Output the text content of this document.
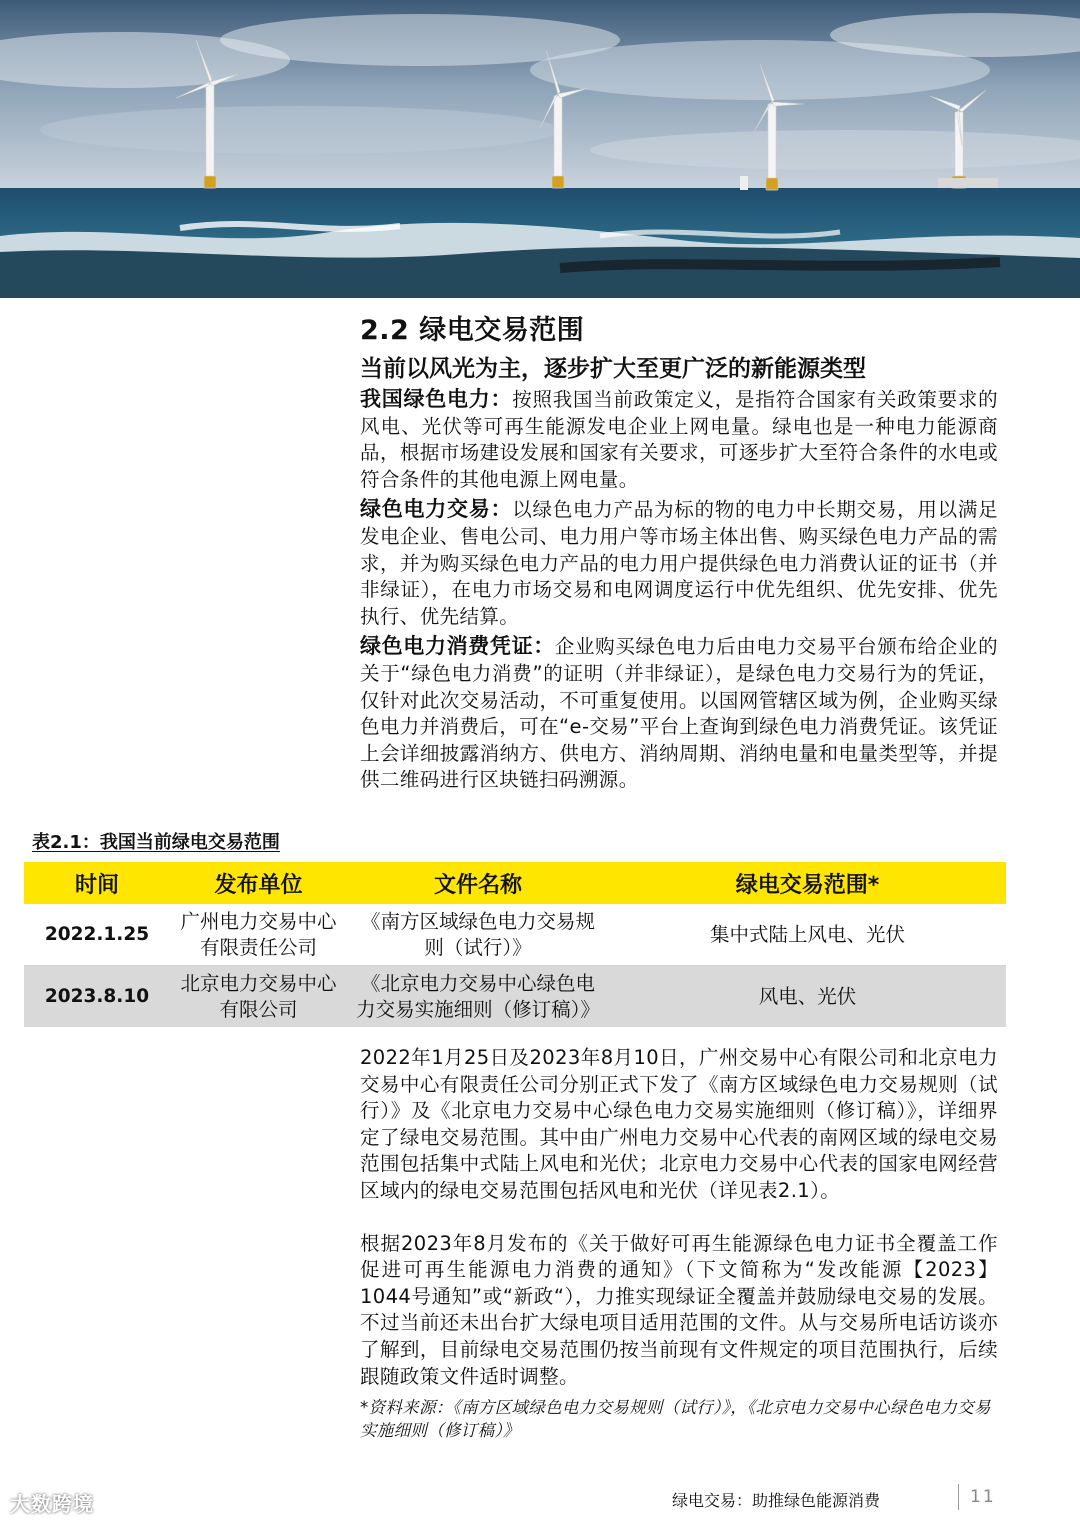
2.2 绿电交易范围
当前以风光为主，逐步扩大至更广泛的新能源类型

我国绿色电力：按照我国当前政策定义，是指符合国家有关政策要求的风电、光伏等可再生能源发电企业上网电量。绿电也是一种电力能源商品，根据市场建设发展和国家有关要求，可逐步扩大至符合条件的水电或符合条件的其他电源上网电量。

绿色电力交易：以绿色电力产品为标的物的电力中长期交易，用以满足发电企业、售电公司、电力用户等市场主体出售、购买绿色电力产品的需求，并为购买绿色电力产品的电力用户提供绿色电力消费认证的证书（并非绿证），在电力市场交易和电网调度运行中优先组织、优先安排、优先执行、优先结算。

绿色电力消费凭证：企业购买绿色电力后由电力交易平台颁布给企业的关于“绿色电力消费”的证明（并非绿证），是绿色电力交易行为的凭证，仅针对此次交易活动，不可重复使用。以国网管辖区域为例，企业购买绿色电力并消费后，可在“e-交易”平台上查询到绿色电力消费凭证。该凭证上会详细披露消纳方、供电方、消纳周期、消纳电量和电量类型等，并提供二维码进行区块链扫码溯源。

表2.1：我国当前绿电交易范围
时间	发布单位	文件名称	绿电交易范围*
2022.1.25	广州电力交易中心有限责任公司	《南方区域绿色电力交易规则（试行）》	集中式陆上风电、光伏
2023.8.10	北京电力交易中心有限公司	《北京电力交易中心绿色电力交易实施细则（修订稿）》	风电、光伏

2022年1月25日及2023年8月10日，广州交易中心有限公司和北京电力交易中心有限责任公司分别正式下发了《南方区域绿色电力交易规则（试行）》及《北京电力交易中心绿色电力交易实施细则（修订稿）》，详细界定了绿电交易范围。其中由广州电力交易中心代表的南网区域的绿电交易范围包括集中式陆上风电和光伏；北京电力交易中心代表的国家电网经营区域内的绿电交易范围包括风电和光伏（详见表2.1）。

根据2023年8月发布的《关于做好可再生能源绿色电力证书全覆盖工作 促进可再生能源电力消费的通知》（下文简称为“发改能源【2023】1044号通知”或“新政“），力推实现绿证全覆盖并鼓励绿电交易的发展。不过当前还未出台扩大绿电项目适用范围的文件。从与交易所电话访谈亦了解到，目前绿电交易范围仍按当前现有文件规定的项目范围执行，后续跟随政策文件适时调整。

*资料来源：《南方区域绿色电力交易规则（试行）》，《北京电力交易中心绿色电力交易实施细则（修订稿）》

大数跨境	绿电交易：助推绿色能源消费	11
